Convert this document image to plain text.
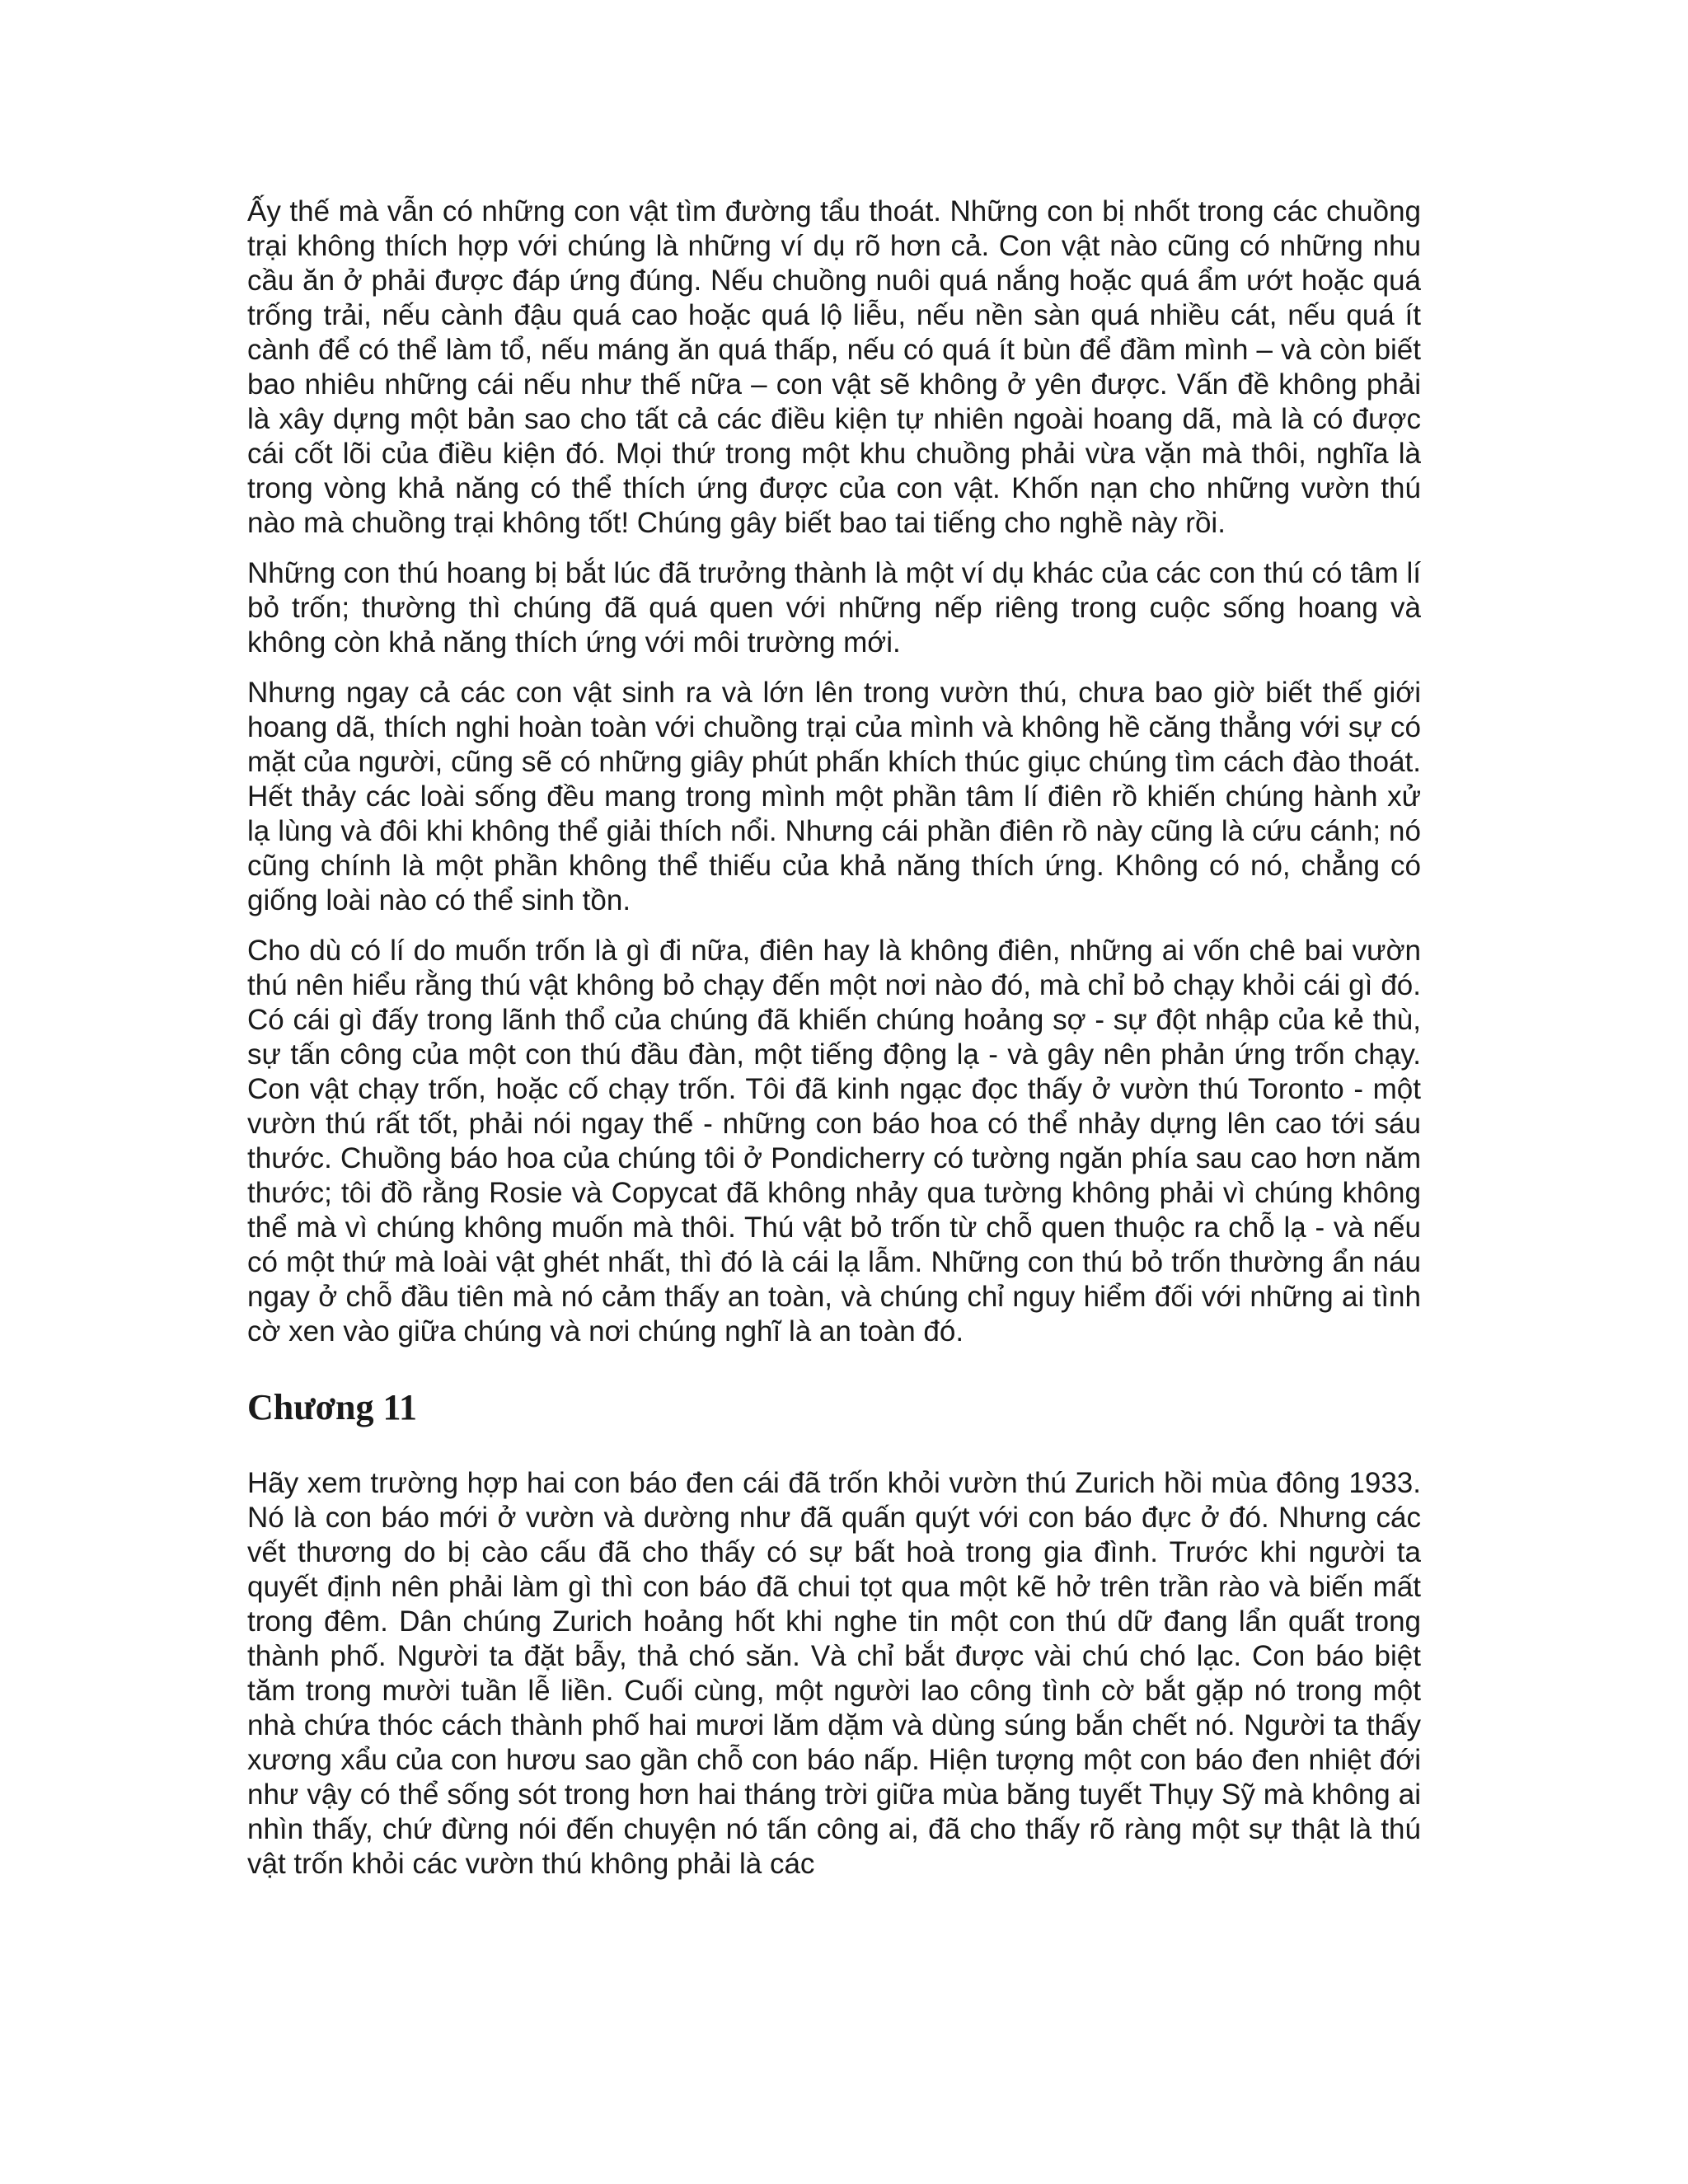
Ấy thế mà vẫn có những con vật tìm đường tẩu thoát. Những con bị nhốt trong các chuồng trại không thích hợp với chúng là những ví dụ rõ hơn cả. Con vật nào cũng có những nhu cầu ăn ở phải được đáp ứng đúng. Nếu chuồng nuôi quá nắng hoặc quá ẩm ướt hoặc quá trống trải, nếu cành đậu quá cao hoặc quá lộ liễu, nếu nền sàn quá nhiều cát, nếu quá ít cành để có thể làm tổ, nếu máng ăn quá thấp, nếu có quá ít bùn để đầm mình – và còn biết bao nhiêu những cái nếu như thế nữa – con vật sẽ không ở yên được. Vấn đề không phải là xây dựng một bản sao cho tất cả các điều kiện tự nhiên ngoài hoang dã, mà là có được cái cốt lõi của điều kiện đó. Mọi thứ trong một khu chuồng phải vừa vặn mà thôi, nghĩa là trong vòng khả năng có thể thích ứng được của con vật. Khốn nạn cho những vườn thú nào mà chuồng trại không tốt! Chúng gây biết bao tai tiếng cho nghề này rồi.

Những con thú hoang bị bắt lúc đã trưởng thành là một ví dụ khác của các con thú có tâm lí bỏ trốn; thường thì chúng đã quá quen với những nếp riêng trong cuộc sống hoang và không còn khả năng thích ứng với môi trường mới.

Nhưng ngay cả các con vật sinh ra và lớn lên trong vườn thú, chưa bao giờ biết thế giới hoang dã, thích nghi hoàn toàn với chuồng trại của mình và không hề căng thẳng với sự có mặt của người, cũng sẽ có những giây phút phấn khích thúc giục chúng tìm cách đào thoát. Hết thảy các loài sống đều mang trong mình một phần tâm lí điên rồ khiến chúng hành xử lạ lùng và đôi khi không thể giải thích nổi. Nhưng cái phần điên rồ này cũng là cứu cánh; nó cũng chính là một phần không thể thiếu của khả năng thích ứng. Không có nó, chẳng có giống loài nào có thể sinh tồn.

Cho dù có lí do muốn trốn là gì đi nữa, điên hay là không điên, những ai vốn chê bai vườn thú nên hiểu rằng thú vật không bỏ chạy đến một nơi nào đó, mà chỉ bỏ chạy khỏi cái gì đó. Có cái gì đấy trong lãnh thổ của chúng đã khiến chúng hoảng sợ - sự đột nhập của kẻ thù, sự tấn công của một con thú đầu đàn, một tiếng động lạ - và gây nên phản ứng trốn chạy. Con vật chạy trốn, hoặc cố chạy trốn. Tôi đã kinh ngạc đọc thấy ở vườn thú Toronto - một vườn thú rất tốt, phải nói ngay thế - những con báo hoa có thể nhảy dựng lên cao tới sáu thước. Chuồng báo hoa của chúng tôi ở Pondicherry có tường ngăn phía sau cao hơn năm thước; tôi đồ rằng Rosie và Copycat đã không nhảy qua tường không phải vì chúng không thể mà vì chúng không muốn mà thôi. Thú vật bỏ trốn từ chỗ quen thuộc ra chỗ lạ - và nếu có một thứ mà loài vật ghét nhất, thì đó là cái lạ lẫm. Những con thú bỏ trốn thường ẩn náu ngay ở chỗ đầu tiên mà nó cảm thấy an toàn, và chúng chỉ nguy hiểm đối với những ai tình cờ xen vào giữa chúng và nơi chúng nghĩ là an toàn đó.

Chương 11

Hãy xem trường hợp hai con báo đen cái đã trốn khỏi vườn thú Zurich hồi mùa đông 1933. Nó là con báo mới ở vườn và dường như đã quấn quýt với con báo đực ở đó. Nhưng các vết thương do bị cào cấu đã cho thấy có sự bất hoà trong gia đình. Trước khi người ta quyết định nên phải làm gì thì con báo đã chui tọt qua một kẽ hở trên trần rào và biến mất trong đêm. Dân chúng Zurich hoảng hốt khi nghe tin một con thú dữ đang lẩn quất trong thành phố. Người ta đặt bẫy, thả chó săn. Và chỉ bắt được vài chú chó lạc. Con báo biệt tăm trong mười tuần lễ liền. Cuối cùng, một người lao công tình cờ bắt gặp nó trong một nhà chứa thóc cách thành phố hai mươi lăm dặm và dùng súng bắn chết nó. Người ta thấy xương xẩu của con hươu sao gần chỗ con báo nấp. Hiện tượng một con báo đen nhiệt đới như vậy có thể sống sót trong hơn hai tháng trời giữa mùa băng tuyết Thụy Sỹ mà không ai nhìn thấy, chứ đừng nói đến chuyện nó tấn công ai, đã cho thấy rõ ràng một sự thật là thú vật trốn khỏi các vườn thú không phải là các
